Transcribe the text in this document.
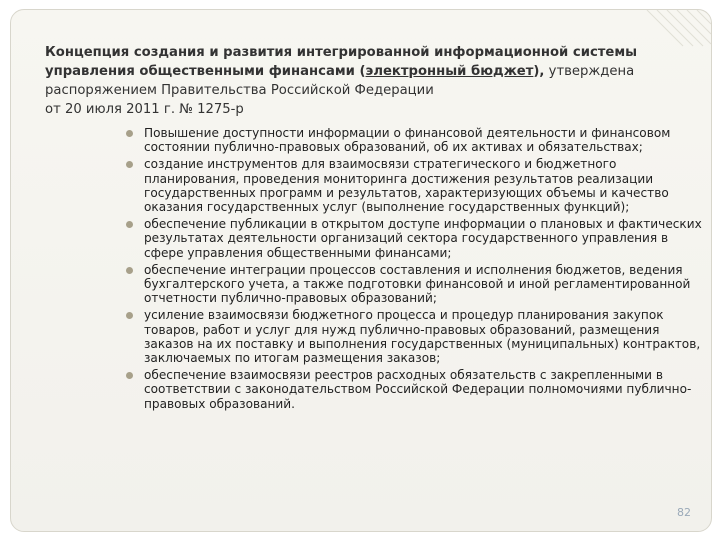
Концепция создания и развития интегрированной информационной системы
управления общественными финансами (электронный бюджет), утверждена
распоряжением Правительства Российской Федерации
от 20 июля 2011 г. № 1275-р
Повышение доступности информации о финансовой деятельности и финансовом состоянии публично-правовых образований, об их активах и обязательствах;
создание инструментов для взаимосвязи стратегического и бюджетного планирования, проведения мониторинга достижения результатов реализации государственных программ и результатов, характеризующих объемы и качество оказания государственных услуг (выполнение государственных функций);
обеспечение публикации в открытом доступе информации о плановых и фактических результатах деятельности организаций сектора государственного управления в сфере управления общественными финансами;
обеспечение интеграции процессов составления и исполнения бюджетов, ведения бухгалтерского учета, а также подготовки финансовой и иной регламентированной отчетности публично-правовых образований;
усиление взаимосвязи бюджетного процесса и процедур планирования закупок товаров, работ и услуг для нужд публично-правовых образований, размещения заказов на их поставку и выполнения государственных (муниципальных) контрактов, заключаемых по итогам размещения заказов;
обеспечение взаимосвязи реестров расходных обязательств с закрепленными в соответствии с законодательством Российской Федерации полномочиями публично-правовых образований.
82
